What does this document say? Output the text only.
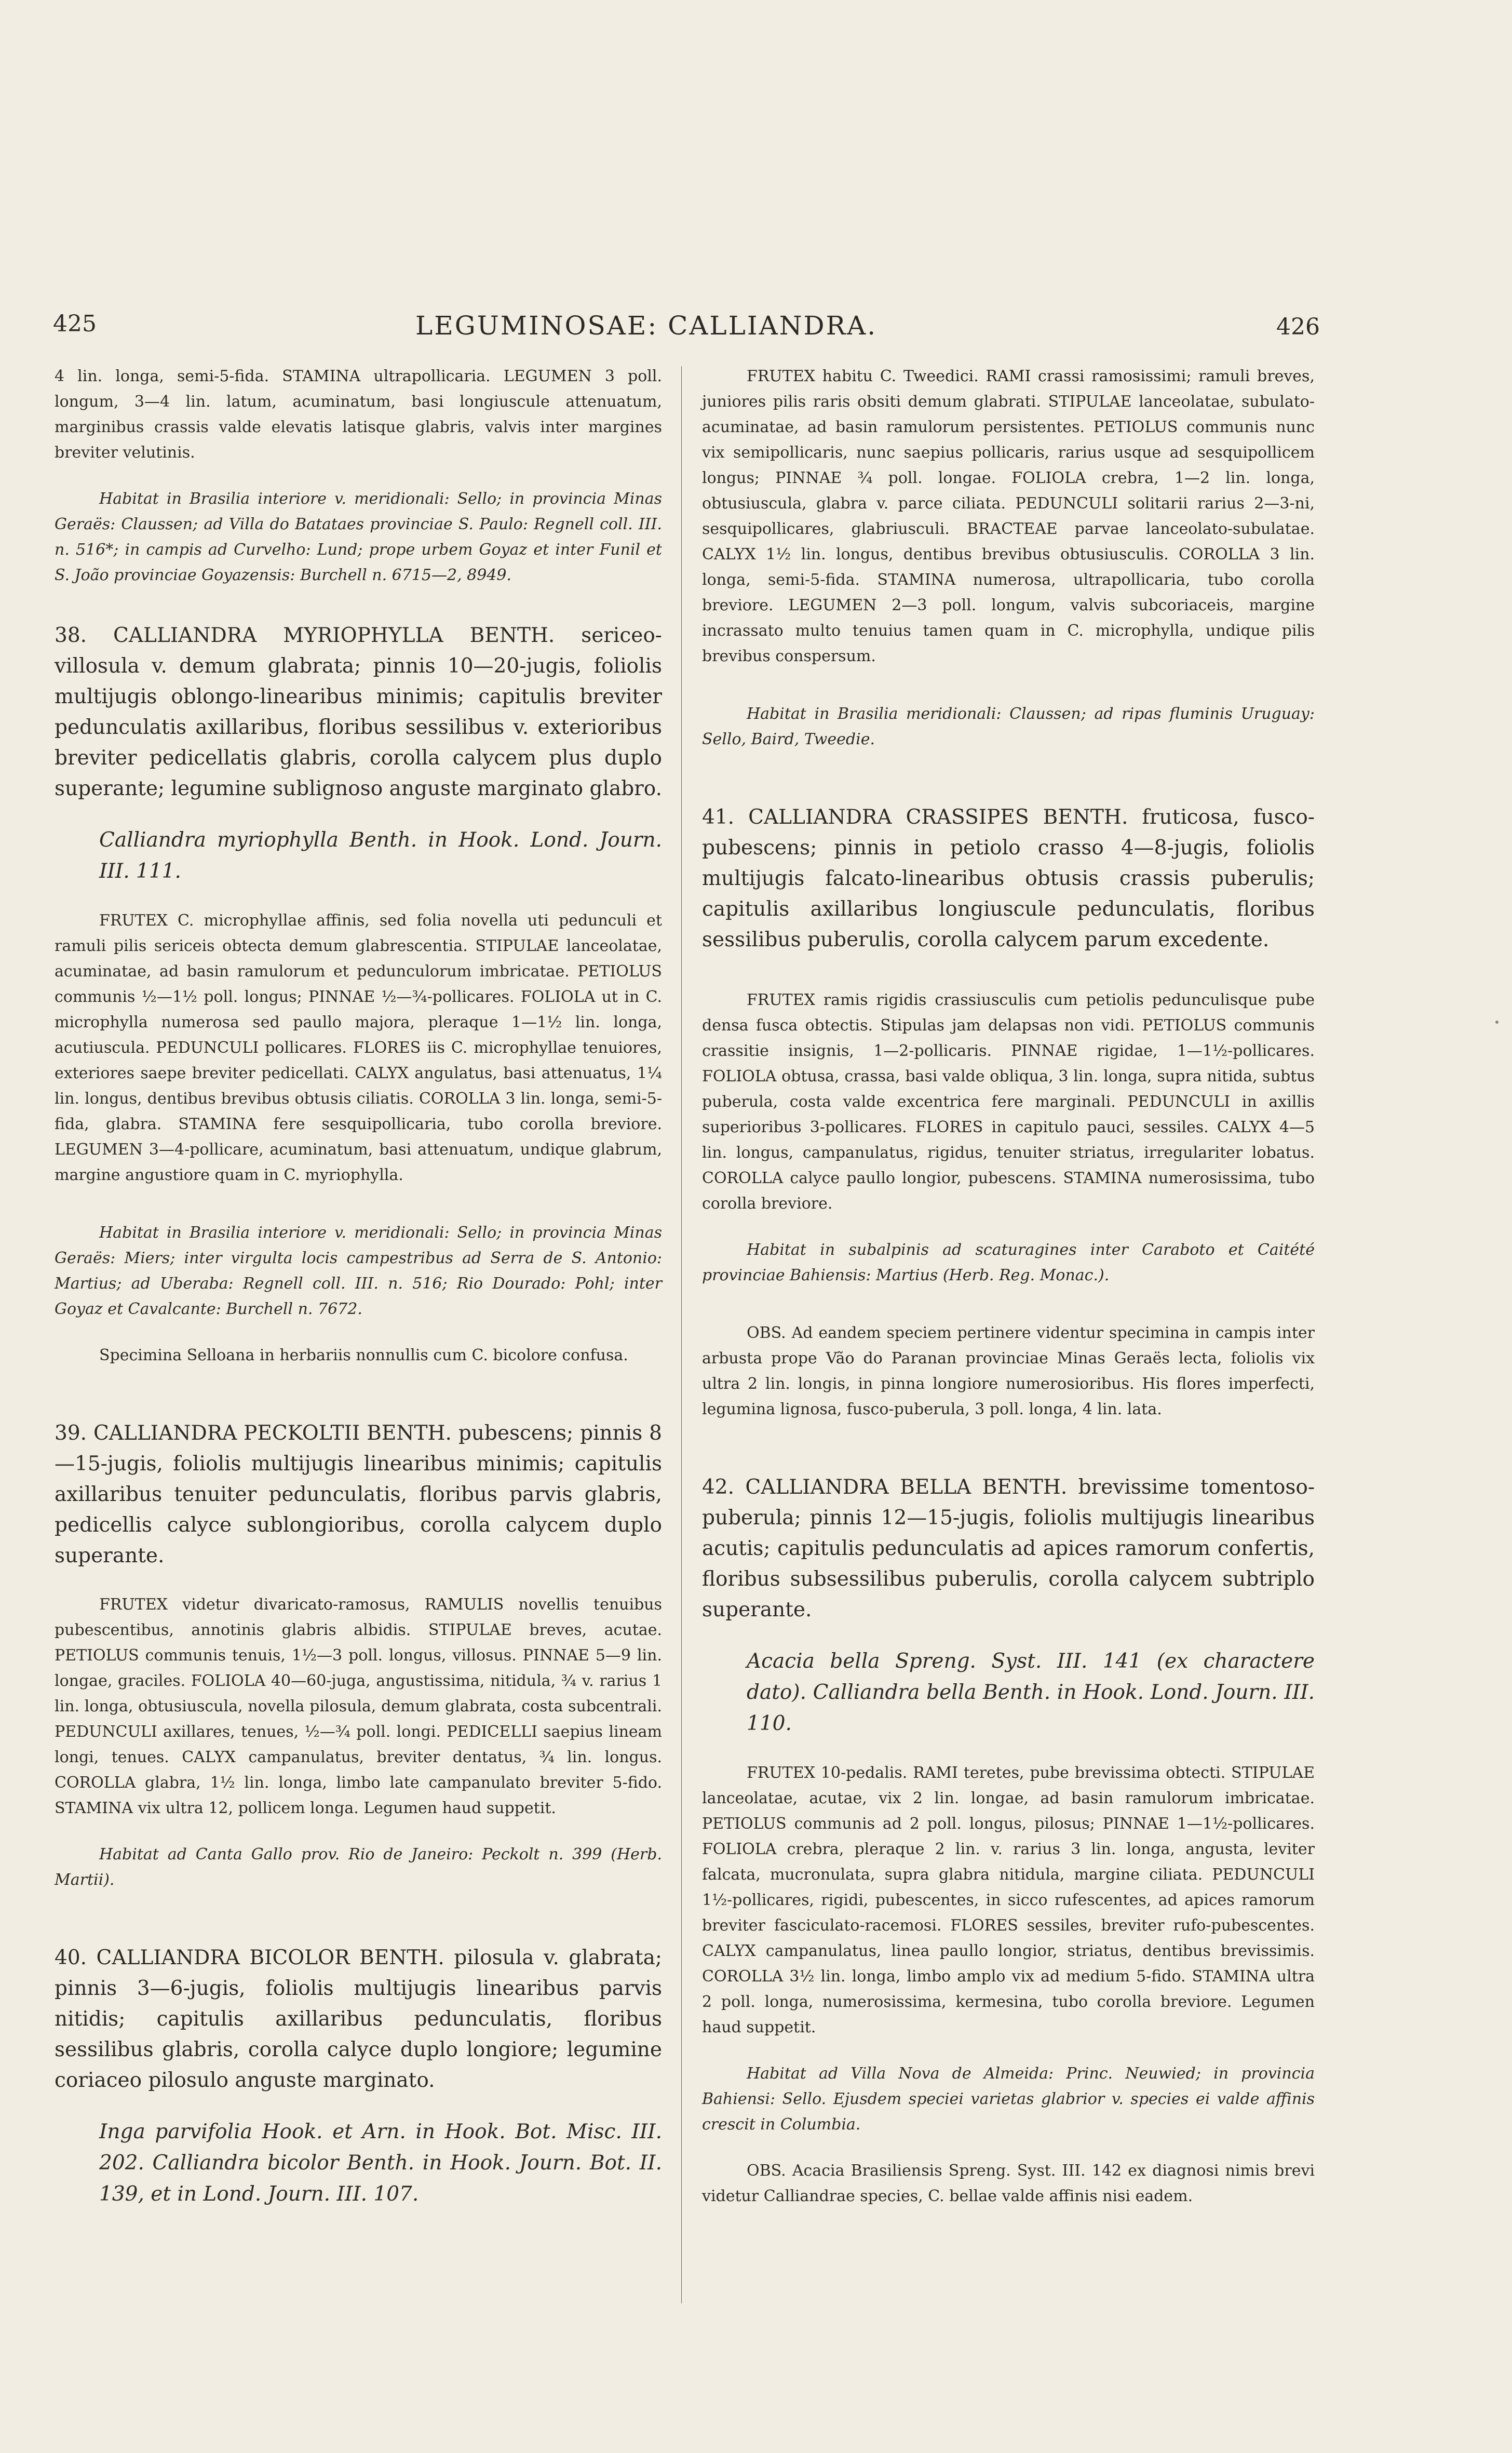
425	LEGUMINOSAE: CALLIANDRA.	426

4 lin. longa, semi-5-fida. STAMINA ultrapollicaria. LEGUMEN 3 poll. longum, 3—4 lin. latum, acuminatum, basi longiuscule attenuatum, marginibus crassis valde elevatis latisque glabris, valvis inter margines breviter velutinis.

Habitat in Brasilia interiore v. meridionali: Sello; in provincia Minas Geraës: Claussen; ad Villa do Batataes provinciae S. Paulo: Regnell coll. III. n. 516*; in campis ad Curvelho: Lund; prope urbem Goyaz et inter Funil et S. João provinciae Goyazensis: Burchell n. 6715—2, 8949.

38. CALLIANDRA MYRIOPHYLLA BENTH. sericeo-villosula v. demum glabrata; pinnis 10—20-jugis, foliolis multijugis oblongo-linearibus minimis; capitulis breviter pedunculatis axillaribus, floribus sessilibus v. exterioribus breviter pedicellatis glabris, corolla calycem plus duplo superante; legumine sublignoso anguste marginato glabro.

Calliandra myriophylla Benth. in Hook. Lond. Journ. III. 111.

FRUTEX C. microphyllae affinis, sed folia novella uti pedunculi et ramuli pilis sericeis obtecta demum glabrescentia. STIPULAE lanceolatae, acuminatae, ad basin ramulorum et pedunculorum imbricatae. PETIOLUS communis ½—1½ poll. longus; PINNAE ½—¾-pollicares. FOLIOLA ut in C. microphylla numerosa sed paullo majora, pleraque 1—1½ lin. longa, acutiuscula. PEDUNCULI pollicares. FLORES iis C. microphyllae tenuiores, exteriores saepe breviter pedicellati. CALYX angulatus, basi attenuatus, 1¼ lin. longus, dentibus brevibus obtusis ciliatis. COROLLA 3 lin. longa, semi-5-fida, glabra. STAMINA fere sesquipollicaria, tubo corolla breviore. LEGUMEN 3—4-pollicare, acuminatum, basi attenuatum, undique glabrum, margine angustiore quam in C. myriophylla.

Habitat in Brasilia interiore v. meridionali: Sello; in provincia Minas Geraës: Miers; inter virgulta locis campestribus ad Serra de S. Antonio: Martius; ad Uberaba: Regnell coll. III. n. 516; Rio Dourado: Pohl; inter Goyaz et Cavalcante: Burchell n. 7672.

Specimina Selloana in herbariis nonnullis cum C. bicolore confusa.

39. CALLIANDRA PECKOLTII BENTH. pubescens; pinnis 8—15-jugis, foliolis multijugis linearibus minimis; capitulis axillaribus tenuiter pedunculatis, floribus parvis glabris, pedicellis calyce sublongioribus, corolla calycem duplo superante.

FRUTEX videtur divaricato-ramosus, RAMULIS novellis tenuibus pubescentibus, annotinis glabris albidis. STIPULAE breves, acutae. PETIOLUS communis tenuis, 1½—3 poll. longus, villosus. PINNAE 5—9 lin. longae, graciles. FOLIOLA 40—60-juga, angustissima, nitidula, ¾ v. rarius 1 lin. longa, obtusiuscula, novella pilosula, demum glabrata, costa subcentrali. PEDUNCULI axillares, tenues, ½—¾ poll. longi. PEDICELLI saepius lineam longi, tenues. CALYX campanulatus, breviter dentatus, ¾ lin. longus. COROLLA glabra, 1½ lin. longa, limbo late campanulato breviter 5-fido. STAMINA vix ultra 12, pollicem longa. Legumen haud suppetit.

Habitat ad Canta Gallo prov. Rio de Janeiro: Peckolt n. 399 (Herb. Martii).

40. CALLIANDRA BICOLOR BENTH. pilosula v. glabrata; pinnis 3—6-jugis, foliolis multijugis linearibus parvis nitidis; capitulis axillaribus pedunculatis, floribus sessilibus glabris, corolla calyce duplo longiore; legumine coriaceo pilosulo anguste marginato.

Inga parvifolia Hook. et Arn. in Hook. Bot. Misc. III. 202. Calliandra bicolor Benth. in Hook. Journ. Bot. II. 139, et in Lond. Journ. III. 107.

FRUTEX habitu C. Tweedici. RAMI crassi ramosissimi; ramuli breves, juniores pilis raris obsiti demum glabrati. STIPULAE lanceolatae, subulato-acuminatae, ad basin ramulorum persistentes. PETIOLUS communis nunc vix semipollicaris, nunc saepius pollicaris, rarius usque ad sesquipollicem longus; PINNAE ¾ poll. longae. FOLIOLA crebra, 1—2 lin. longa, obtusiuscula, glabra v. parce ciliata. PEDUNCULI solitarii rarius 2—3-ni, sesquipollicares, glabriusculi. BRACTEAE parvae lanceolato-subulatae. CALYX 1½ lin. longus, dentibus brevibus obtusiusculis. COROLLA 3 lin. longa, semi-5-fida. STAMINA numerosa, ultrapollicaria, tubo corolla breviore. LEGUMEN 2—3 poll. longum, valvis subcoriaceis, margine incrassato multo tenuius tamen quam in C. microphylla, undique pilis brevibus conspersum.

Habitat in Brasilia meridionali: Claussen; ad ripas fluminis Uruguay: Sello, Baird, Tweedie.

41. CALLIANDRA CRASSIPES BENTH. fruticosa, fusco-pubescens; pinnis in petiolo crasso 4—8-jugis, foliolis multijugis falcato-linearibus obtusis crassis puberulis; capitulis axillaribus longiuscule pedunculatis, floribus sessilibus puberulis, corolla calycem parum excedente.

FRUTEX ramis rigidis crassiusculis cum petiolis pedunculisque pube densa fusca obtectis. Stipulas jam delapsas non vidi. PETIOLUS communis crassitie insignis, 1—2-pollicaris. PINNAE rigidae, 1—1½-pollicares. FOLIOLA obtusa, crassa, basi valde obliqua, 3 lin. longa, supra nitida, subtus puberula, costa valde excentrica fere marginali. PEDUNCULI in axillis superioribus 3-pollicares. FLORES in capitulo pauci, sessiles. CALYX 4—5 lin. longus, campanulatus, rigidus, tenuiter striatus, irregulariter lobatus. COROLLA calyce paullo longior, pubescens. STAMINA numerosissima, tubo corolla breviore.

Habitat in subalpinis ad scaturagines inter Caraboto et Caitété provinciae Bahiensis: Martius (Herb. Reg. Monac.).

OBS. Ad eandem speciem pertinere videntur specimina in campis inter arbusta prope Vão do Paranan provinciae Minas Geraës lecta, foliolis vix ultra 2 lin. longis, in pinna longiore numerosioribus. His flores imperfecti, legumina lignosa, fusco-puberula, 3 poll. longa, 4 lin. lata.

42. CALLIANDRA BELLA BENTH. brevissime tomentoso-puberula; pinnis 12—15-jugis, foliolis multijugis linearibus acutis; capitulis pedunculatis ad apices ramorum confertis, floribus subsessilibus puberulis, corolla calycem subtriplo superante.

Acacia bella Spreng. Syst. III. 141 (ex charactere dato). Calliandra bella Benth. in Hook. Lond. Journ. III. 110.

FRUTEX 10-pedalis. RAMI teretes, pube brevissima obtecti. STIPULAE lanceolatae, acutae, vix 2 lin. longae, ad basin ramulorum imbricatae. PETIOLUS communis ad 2 poll. longus, pilosus; PINNAE 1—1½-pollicares. FOLIOLA crebra, pleraque 2 lin. v. rarius 3 lin. longa, angusta, leviter falcata, mucronulata, supra glabra nitidula, margine ciliata. PEDUNCULI 1½-pollicares, rigidi, pubescentes, in sicco rufescentes, ad apices ramorum breviter fasciculato-racemosi. FLORES sessiles, breviter rufo-pubescentes. CALYX campanulatus, linea paullo longior, striatus, dentibus brevissimis. COROLLA 3½ lin. longa, limbo amplo vix ad medium 5-fido. STAMINA ultra 2 poll. longa, numerosissima, kermesina, tubo corolla breviore. Legumen haud suppetit.

Habitat ad Villa Nova de Almeida: Princ. Neuwied; in provincia Bahiensi: Sello. Ejusdem speciei varietas glabrior v. species ei valde affinis crescit in Columbia.

OBS. Acacia Brasiliensis Spreng. Syst. III. 142 ex diagnosi nimis brevi videtur Calliandrae species, C. bellae valde affinis nisi eadem.
